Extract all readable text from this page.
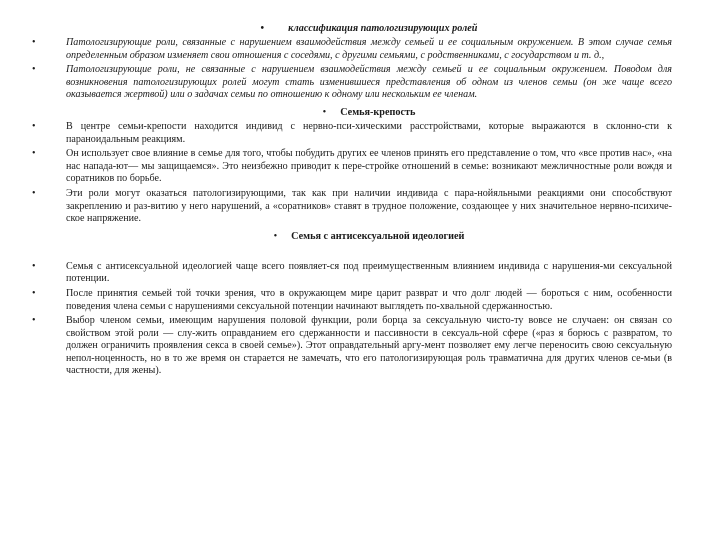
• классификация патологизирующих ролей
•	Патологизирующие роли, связанные с нарушением взаимодействия между семьей и ее социальным окружением. В этом случае семья определенным образом изменяет свои отношения с соседями, с другими семьями, с родственниками, с государством и т. д.,
•	Патологизирующие роли, не связанные с нарушением взаимодействия между семьей и ее социальным окружением. Поводом для возникновения патологизирующих ролей могут стать изменившиеся представления об одном из членов семьи (он же чаще всего оказывается жертвой) или о задачах семьи по отношению к одному или нескольким ее членам.
• Семья-крепость
•	В центре семьи-крепости находится индивид с нервно-пси-хическими расстройствами, которые выражаются в склонно-сти к параноидальным реакциям.
•	Он использует свое влияние в семье для того, чтобы побудить других ее членов принять его представление о том, что «все против нас», «на нас напада-ют— мы защищаемся». Это неизбежно приводит к пере-стройке отношений в семье: возникают межличностные роли вождя и соратников по борьбе.
•	Эти роли могут оказаться патологизирующими, так как при наличии индивида с пара-нойяльными реакциями они способствуют закреплению и раз-витию у него нарушений, а «соратников» ставят в трудное положение, создающее у них значительное нервно-психиче-ское напряжение.
• Семья с антисексуальной идеологией
•	Семья с антисексуальной идеологией чаще всего появляет-ся под преимущественным влиянием индивида с нарушения-ми сексуальной потенции.
•	После принятия семьей той точки зрения, что в окружающем мире царит разврат и что долг людей — бороться с ним, особенности поведения члена семьи с нарушениями сексуальной потенции начинают выглядеть по-хвальной сдержанностью.
•	Выбор членом семьи, имеющим нарушения половой функции, роли борца за сексуальную чисто-ту вовсе не случаен: он связан со свойством этой роли — слу-жить оправданием его сдержанности и пассивности в сексуаль-ной сфере («раз я борюсь с развратом, то должен ограничить проявления секса в своей семье»). Этот оправдательный аргу-мент позволяет ему легче переносить свою сексуальную непол-ноценность, но в то же время он старается не замечать, что его патологизирующая роль травматична для других членов се-мьи (в частности, для жены).
